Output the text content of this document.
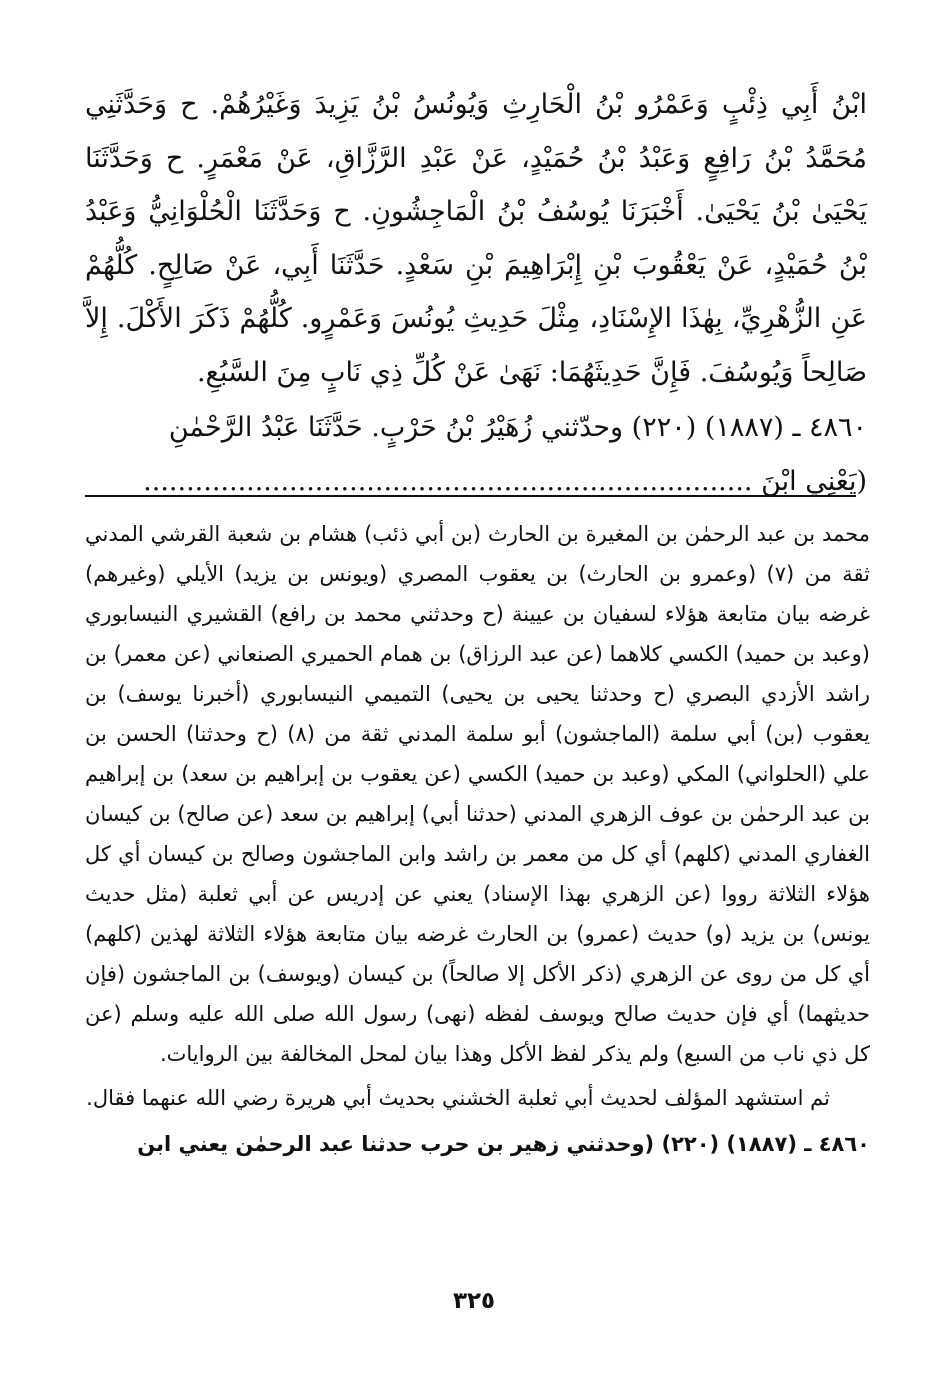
ابْنُ أَبِي ذِئْبٍ وَعَمْرُو بْنُ الْحَارِثِ وَيُونُسُ بْنُ يَزِيدَ وَغَيْرُهُمْ. ح وَحَدَّثَنِي مُحَمَّدُ بْنُ رَافِعٍ وَعَبْدُ بْنُ حُمَيْدٍ، عَنْ عَبْدِ الرَّزَّاقِ، عَنْ مَعْمَرٍ. ح وَحَدَّثَنَا يَحْيَىٰ بْنُ يَحْيَىٰ. أَخْبَرَنَا يُوسُفُ بْنُ الْمَاجِشُونِ. ح وَحَدَّثَنَا الْحُلْوَانِيُّ وَعَبْدُ بْنُ حُمَيْدٍ، عَنْ يَعْقُوبَ بْنِ إِبْرَاهِيمَ بْنِ سَعْدٍ. حَدَّثَنَا أَبِي، عَنْ صَالِحٍ. كُلُّهُمْ عَنِ الزُّهْرِيِّ، بِهٰذَا الإِسْنَادِ، مِثْلَ حَدِيثِ يُونُسَ وَعَمْرٍو. كُلُّهُمْ ذَكَرَ الأَكْلَ. إِلاَّ صَالِحاً وَيُوسُفَ. فَإِنَّ حَدِيثَهُمَا: نَهَىٰ عَنْ كُلِّ ذِي نَابٍ مِنَ السَّبُعِ.

٤٨٦٠ ـ (١٨٨٧) (٢٢٠) وحدّثني زُهَيْرُ بْنُ حَرْبٍ. حَدَّثَنَا عَبْدُ الرَّحْمٰنِ

(يَعْنِي ابْنَ .......................................................................

محمد بن عبد الرحمٰن بن المغيرة بن الحارث (بن أبي ذئب) هشام بن شعبة القرشي المدني ثقة من (٧) (وعمرو بن الحارث) بن يعقوب المصري (ويونس بن يزيد) الأيلي (وغيرهم) غرضه بيان متابعة هؤلاء لسفيان بن عيينة (ح وحدثني محمد بن رافع) القشيري النيسابوري (وعبد بن حميد) الكسي كلاهما (عن عبد الرزاق) بن همام الحميري الصنعاني (عن معمر) بن راشد الأزدي البصري (ح وحدثنا يحيى بن يحيى) التميمي النيسابوري (أخبرنا يوسف) بن يعقوب (بن) أبي سلمة (الماجشون) أبو سلمة المدني ثقة من (٨) (ح وحدثنا) الحسن بن علي (الحلواني) المكي (وعبد بن حميد) الكسي (عن يعقوب بن إبراهيم بن سعد) بن إبراهيم بن عبد الرحمٰن بن عوف الزهري المدني (حدثنا أبي) إبراهيم بن سعد (عن صالح) بن كيسان الغفاري المدني (كلهم) أي كل من معمر بن راشد وابن الماجشون وصالح بن كيسان أي كل هؤلاء الثلاثة رووا (عن الزهري بهذا الإسناد) يعني عن إدريس عن أبي ثعلبة (مثل حديث يونس) بن يزيد (و) حديث (عمرو) بن الحارث غرضه بيان متابعة هؤلاء الثلاثة لهذين (كلهم) أي كل من روى عن الزهري (ذكر الأكل إلا صالحاً) بن كيسان (ويوسف) بن الماجشون (فإن حديثهما) أي فإن حديث صالح ويوسف لفظه (نهى) رسول الله صلى الله عليه وسلم (عن كل ذي ناب من السبع) ولم يذكر لفظ الأكل وهذا بيان لمحل المخالفة بين الروايات.

ثم استشهد المؤلف لحديث أبي ثعلبة الخشني بحديث أبي هريرة رضي الله عنهما فقال.

٤٨٦٠ ـ (١٨٨٧) (٢٢٠) (وحدثني زهير بن حرب حدثنا عبد الرحمٰن يعني ابن

٣٢٥
